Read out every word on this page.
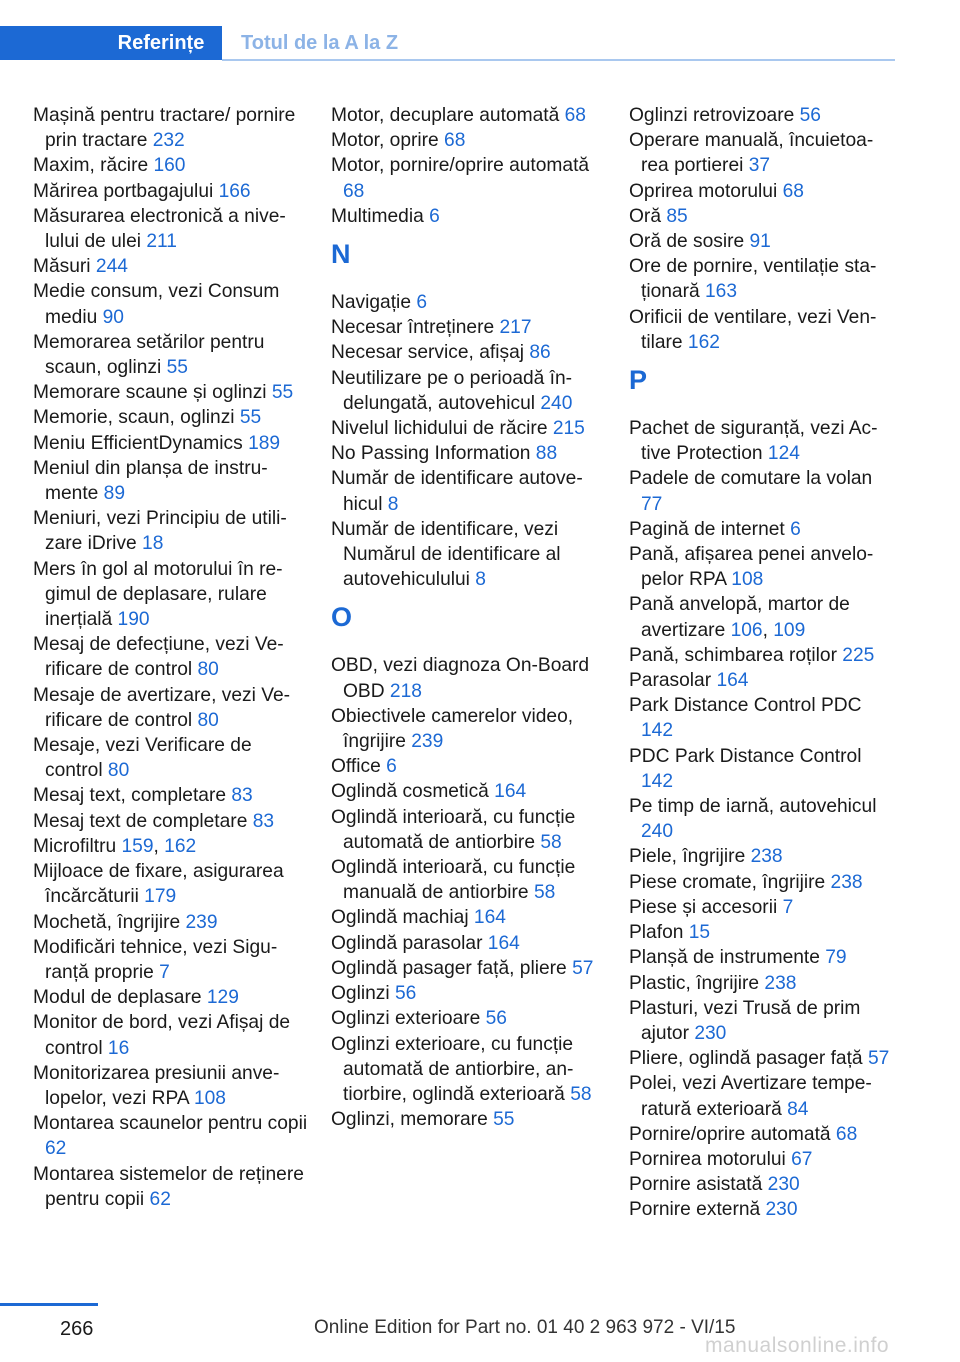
Referințe Totul de la A la Z
Mașină pentru tractare/ pornire prin tractare 232
Maxim, răcire 160
Mărirea portbagajului 166
Măsurarea electronică a nivelului de ulei 211
Măsuri 244
Medie consum, vezi Consum mediu 90
Memorarea setărilor pentru scaun, oglinzi 55
Memorare scaune și oglinzi 55
Memorie, scaun, oglinzi 55
Meniu EfficientDynamics 189
Meniul din planșa de instrumente 89
Meniuri, vezi Principiu de utilizare iDrive 18
Mers în gol al motorului în regimul de deplasare, rulare inerțială 190
Mesaj de defecțiune, vezi Verificare de control 80
Mesaje de avertizare, vezi Verificare de control 80
Mesaje, vezi Verificare de control 80
Mesaj text, completare 83
Mesaj text de completare 83
Microfiltru 159, 162
Mijloace de fixare, asigurarea încărcăturii 179
Mochetă, îngrijire 239
Modificări tehnice, vezi Siguranță proprie 7
Modul de deplasare 129
Monitor de bord, vezi Afișaj de control 16
Monitorizarea presiunii anvelopelor, vezi RPA 108
Montarea scaunelor pentru copii 62
Montarea sistemelor de reținere pentru copii 62
Motor, decuplare automată 68
Motor, oprire 68
Motor, pornire/oprire automată 68
Multimedia 6
N
Navigație 6
Necesar întreținere 217
Necesar service, afișaj 86
Neutilizare pe o perioadă îndelungată, autovehicul 240
Nivelul lichidului de răcire 215
No Passing Information 88
Număr de identificare autovehicul 8
Număr de identificare, vezi Numărul de identificare al autovehiculului 8
O
OBD, vezi diagnoza On-Board OBD 218
Obiectivele camerelor video, îngrijire 239
Office 6
Oglindă cosmetică 164
Oglindă interioară, cu funcție automată de antiorbire 58
Oglindă interioară, cu funcție manuală de antiorbire 58
Oglindă machiaj 164
Oglindă parasolar 164
Oglindă pasager față, pliere 57
Oglinzi 56
Oglinzi exterioare 56
Oglinzi exterioare, cu funcție automată de antiorbire, antiorbire, oglindă exterioară 58
Oglinzi, memorare 55
Oglinzi retrovizoare 56
Operare manuală, încuietoarea portierei 37
Oprirea motorului 68
Oră 85
Oră de sosire 91
Ore de pornire, ventilație staționară 163
Orificii de ventilare, vezi Ventilare 162
P
Pachet de siguranță, vezi Active Protection 124
Padele de comutare la volan 77
Pagină de internet 6
Pană, afișarea penei anvelopelor RPA 108
Pană anvelopă, martor de avertizare 106, 109
Pană, schimbarea roților 225
Parasolar 164
Park Distance Control PDC 142
PDC Park Distance Control 142
Pe timp de iarnă, autovehicul 240
Piele, îngrijire 238
Piese cromate, îngrijire 238
Piese și accesorii 7
Plafon 15
Planșă de instrumente 79
Plastic, îngrijire 238
Plasturi, vezi Trusă de prim ajutor 230
Pliere, oglindă pasager față 57
Polei, vezi Avertizare temperatură exterioară 84
Pornire/oprire automată 68
Pornirea motorului 67
Pornire asistată 230
Pornire externă 230
266	Online Edition for Part no. 01 40 2 963 972 - VI/15
manualsonline.info
